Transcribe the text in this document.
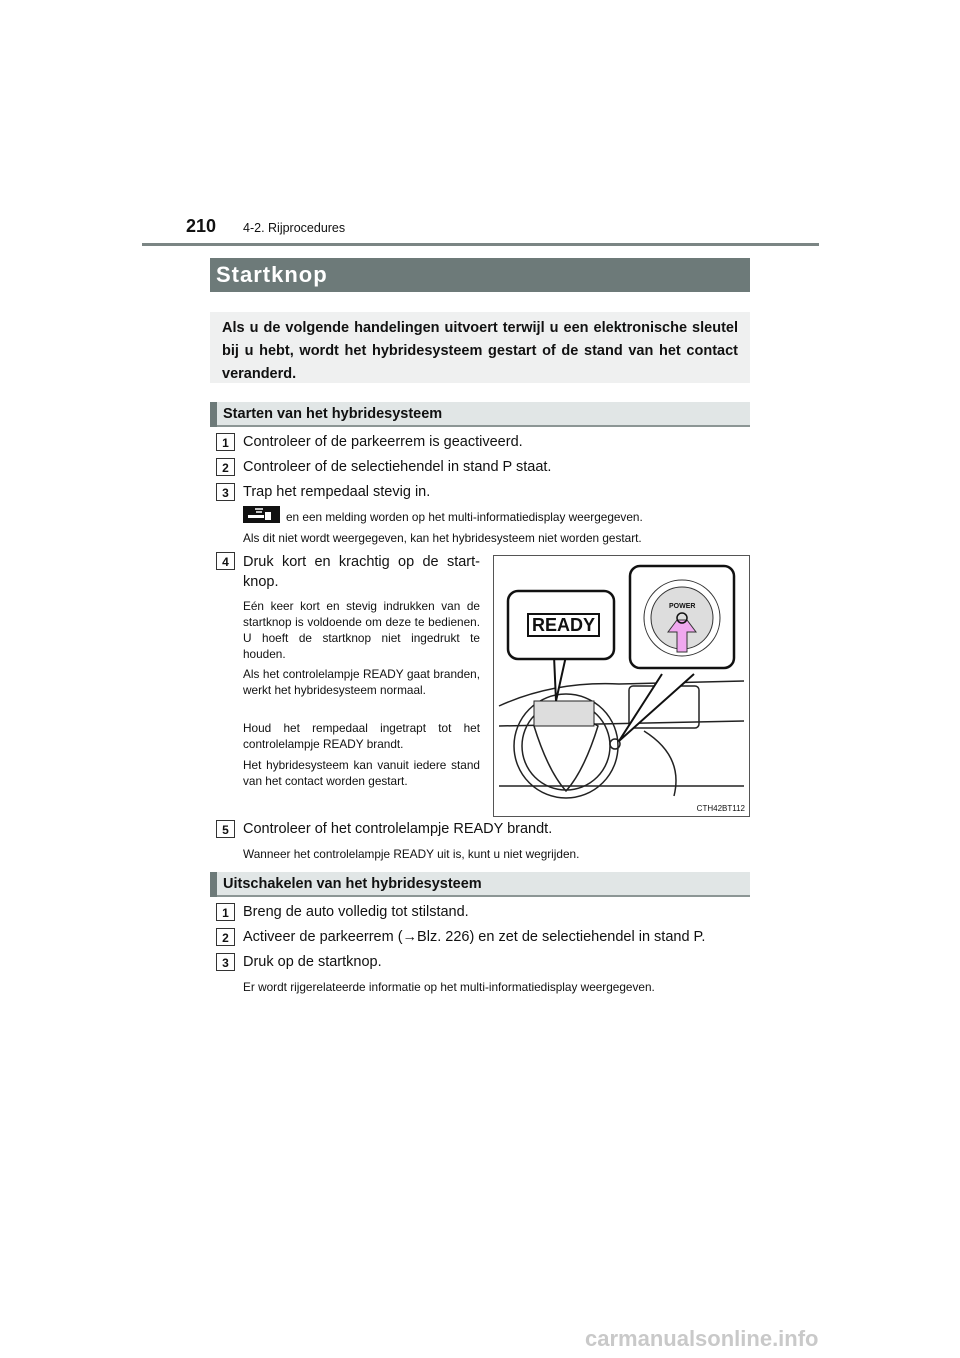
210 4-2. Rijprocedures
Startknop
Als u de volgende handelingen uitvoert terwijl u een elektronische sleutel bij u hebt, wordt het hybridesysteem gestart of de stand van het contact veranderd.
Starten van het hybridesysteem
1 Controleer of de parkeerrem is geactiveerd.
2 Controleer of de selectiehendel in stand P staat.
3 Trap het rempedaal stevig in.
en een melding worden op het multi-informatiedisplay weergegeven.
Als dit niet wordt weergegeven, kan het hybridesysteem niet worden gestart.
4 Druk kort en krachtig op de start-knop.
Eén keer kort en stevig indrukken van de startknop is voldoende om deze te bedienen. U hoeft de startknop niet ingedrukt te houden.
Als het controlelampje READY gaat branden, werkt het hybridesysteem normaal.
Houd het rempedaal ingetrapt tot het controlelampje READY brandt.
Het hybridesysteem kan vanuit iedere stand van het contact worden gestart.
READY
POWER
CTH42BT112
5 Controleer of het controlelampje READY brandt.
Wanneer het controlelampje READY uit is, kunt u niet wegrijden.
Uitschakelen van het hybridesysteem
1 Breng de auto volledig tot stilstand.
2 Activeer de parkeerrem (→Blz. 226) en zet de selectiehendel in stand P.
3 Druk op de startknop.
Er wordt rijgerelateerde informatie op het multi-informatiedisplay weergegeven.
carmanualsonline.info
